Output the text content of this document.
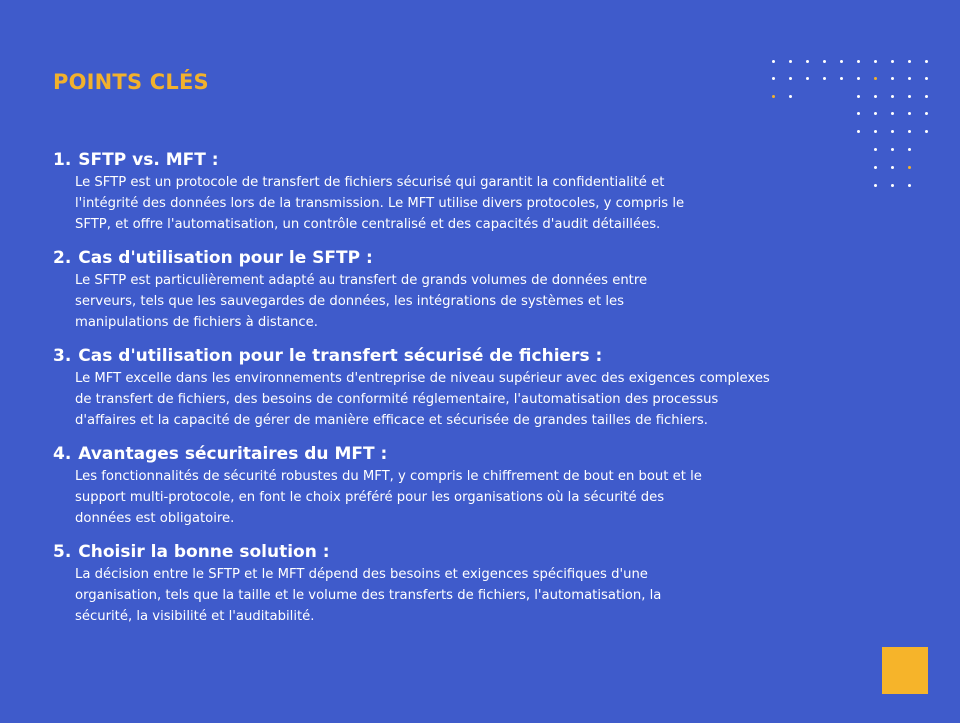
POINTS CLÉS
1. SFTP vs. MFT :
Le SFTP est un protocole de transfert de fichiers sécurisé qui garantit la confidentialité et
l'intégrité des données lors de la transmission. Le MFT utilise divers protocoles, y compris le
SFTP, et offre l'automatisation, un contrôle centralisé et des capacités d'audit détaillées.
2. Cas d'utilisation pour le SFTP :
Le SFTP est particulièrement adapté au transfert de grands volumes de données entre
serveurs, tels que les sauvegardes de données, les intégrations de systèmes et les
manipulations de fichiers à distance.
3. Cas d'utilisation pour le transfert sécurisé de fichiers :
Le MFT excelle dans les environnements d'entreprise de niveau supérieur avec des exigences complexes
de transfert de fichiers, des besoins de conformité réglementaire, l'automatisation des processus
d'affaires et la capacité de gérer de manière efficace et sécurisée de grandes tailles de fichiers.
4. Avantages sécuritaires du MFT :
Les fonctionnalités de sécurité robustes du MFT, y compris le chiffrement de bout en bout et le
support multi-protocole, en font le choix préféré pour les organisations où la sécurité des
données est obligatoire.
5. Choisir la bonne solution :
La décision entre le SFTP et le MFT dépend des besoins et exigences spécifiques d'une
organisation, tels que la taille et le volume des transferts de fichiers, l'automatisation, la
sécurité, la visibilité et l'auditabilité.
